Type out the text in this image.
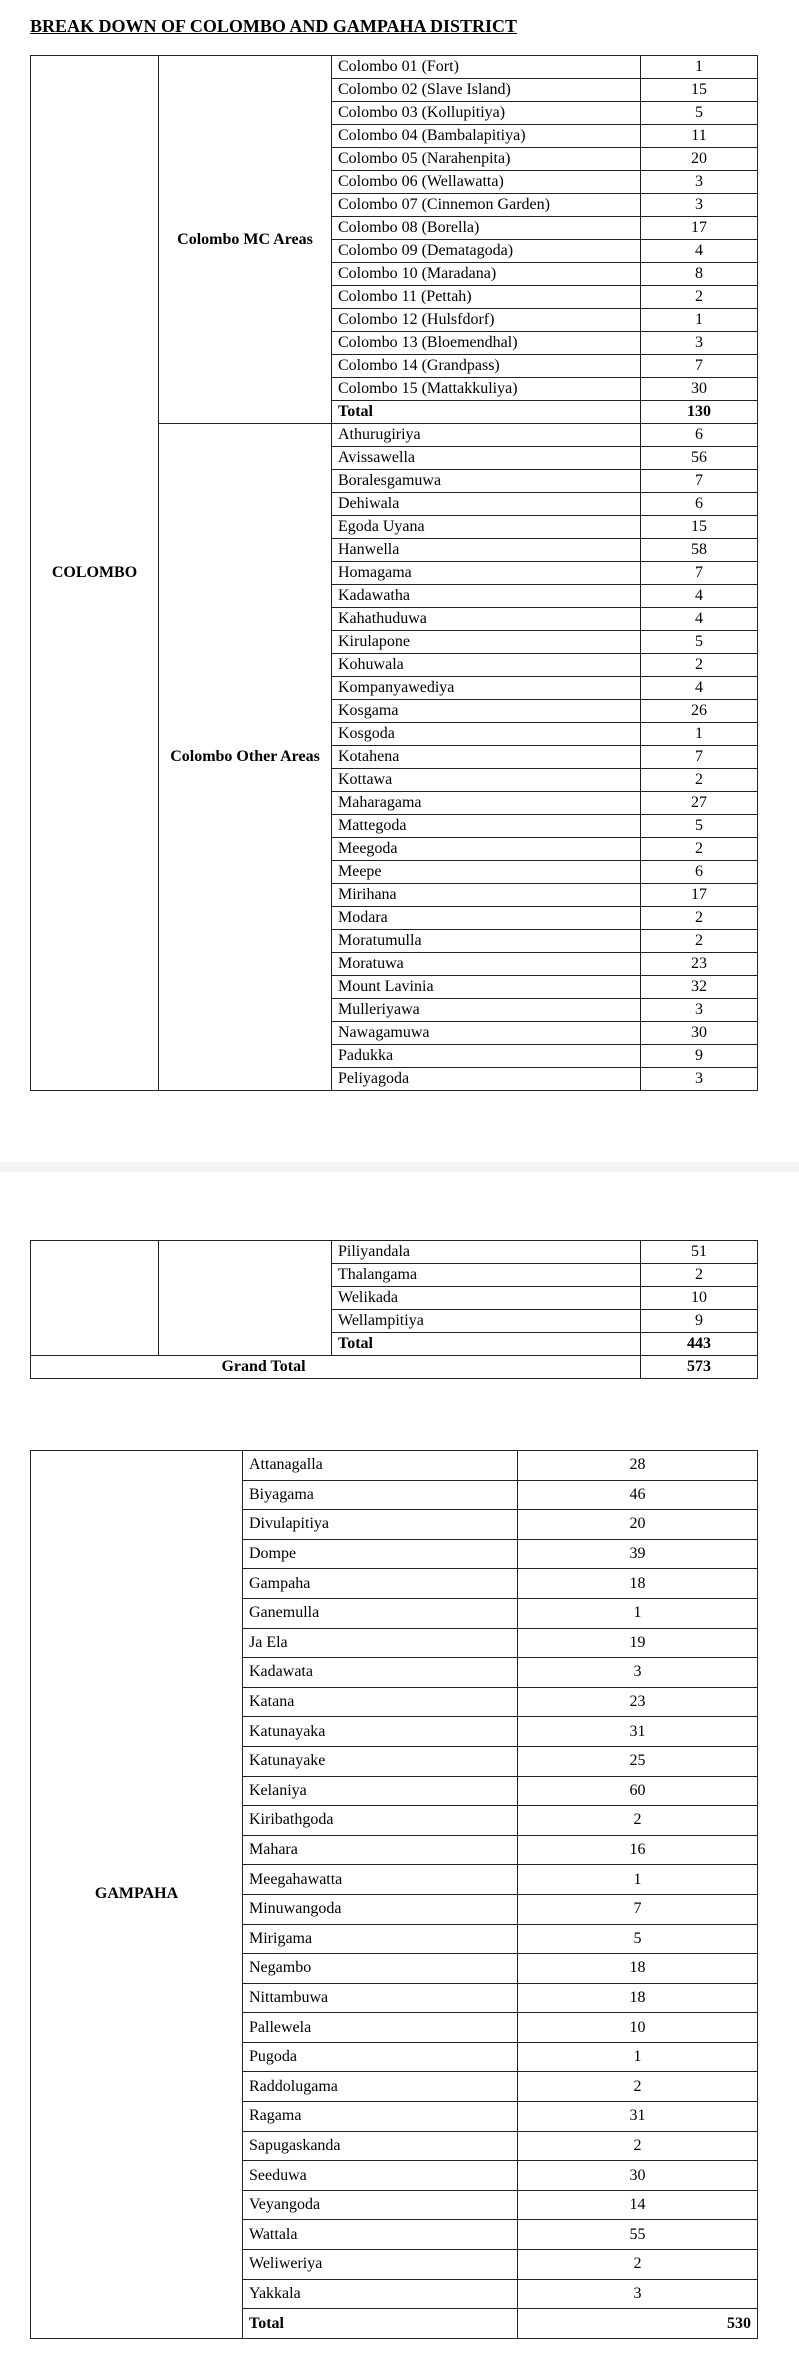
BREAK DOWN OF COLOMBO AND GAMPAHA DISTRICT
COLOMBO	Colombo MC Areas	Colombo 01 (Fort)	1
		Colombo 02 (Slave Island)	15
		Colombo 03 (Kollupitiya)	5
		Colombo 04 (Bambalapitiya)	11
		Colombo 05 (Narahenpita)	20
		Colombo 06 (Wellawatta)	3
		Colombo 07 (Cinnemon Garden)	3
		Colombo 08 (Borella)	17
		Colombo 09 (Dematagoda)	4
		Colombo 10 (Maradana)	8
		Colombo 11 (Pettah)	2
		Colombo 12 (Hulsfdorf)	1
		Colombo 13 (Bloemendhal)	3
		Colombo 14 (Grandpass)	7
		Colombo 15 (Mattakkuliya)	30
		Total	130
	Colombo Other Areas	Athurugiriya	6
		Avissawella	56
		Boralesgamuwa	7
		Dehiwala	6
		Egoda Uyana	15
		Hanwella	58
		Homagama	7
		Kadawatha	4
		Kahathuduwa	4
		Kirulapone	5
		Kohuwala	2
		Kompanyawediya	4
		Kosgama	26
		Kosgoda	1
		Kotahena	7
		Kottawa	2
		Maharagama	27
		Mattegoda	5
		Meegoda	2
		Meepe	6
		Mirihana	17
		Modara	2
		Moratumulla	2
		Moratuwa	23
		Mount Lavinia	32
		Mulleriyawa	3
		Nawagamuwa	30
		Padukka	9
		Peliyagoda	3
		Piliyandala	51
		Thalangama	2
		Welikada	10
		Wellampitiya	9
		Total	443
Grand Total			573
GAMPAHA	Attanagalla	28
	Biyagama	46
	Divulapitiya	20
	Dompe	39
	Gampaha	18
	Ganemulla	1
	Ja Ela	19
	Kadawata	3
	Katana	23
	Katunayaka	31
	Katunayake	25
	Kelaniya	60
	Kiribathgoda	2
	Mahara	16
	Meegahawatta	1
	Minuwangoda	7
	Mirigama	5
	Negambo	18
	Nittambuwa	18
	Pallewela	10
	Pugoda	1
	Raddolugama	2
	Ragama	31
	Sapugaskanda	2
	Seeduwa	30
	Veyangoda	14
	Wattala	55
	Weliweriya	2
	Yakkala	3
	Total	530
